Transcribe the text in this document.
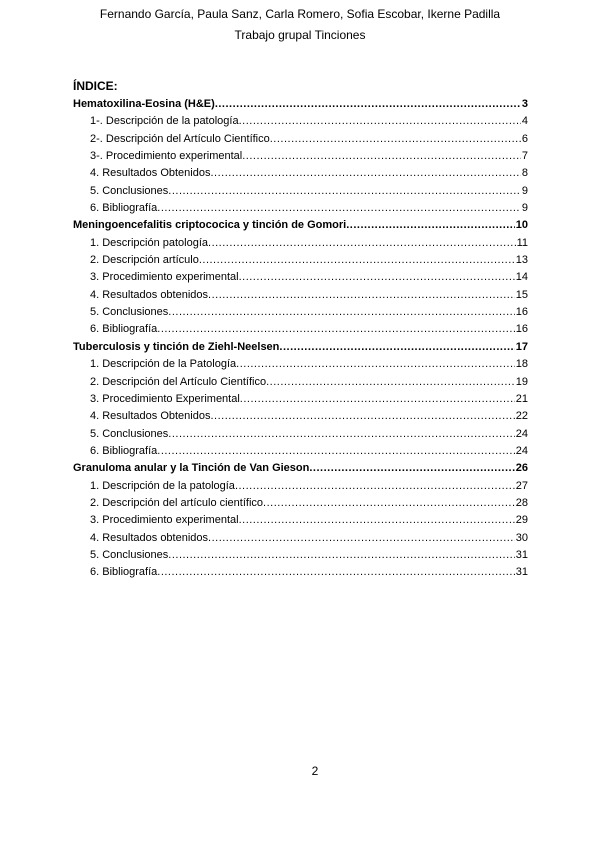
Fernando García, Paula Sanz, Carla Romero, Sofia Escobar, Ikerne Padilla
Trabajo grupal Tinciones
ÍNDICE:
Hematoxilina-Eosina (H&E) .....	3
1-. Descripción de la patología .....	4
2-. Descripción del Artículo Científico .....	6
3-. Procedimiento experimental .....	7
4. Resultados Obtenidos .....	8
5. Conclusiones .....	9
6. Bibliografía .....	9
Meningoencefalitis criptococica y tinción de Gomori .....	10
1. Descripción patología .....	11
2. Descripción artículo .....	13
3. Procedimiento experimental .....	14
4. Resultados obtenidos .....	15
5. Conclusiones .....	16
6. Bibliografía .....	16
Tuberculosis y tinción de Ziehl-Neelsen .....	17
1. Descripción de la Patología .....	18
2. Descripción del Artículo Científico .....	19
3. Procedimiento Experimental .....	21
4. Resultados Obtenidos .....	22
5. Conclusiones .....	24
6. Bibliografía .....	24
Granuloma anular y la Tinción de Van Gieson .....	26
1. Descripción de la patología .....	27
2. Descripción del artículo científico .....	28
3. Procedimiento experimental .....	29
4. Resultados obtenidos .....	30
5. Conclusiones .....	31
6. Bibliografía .....	31
2
